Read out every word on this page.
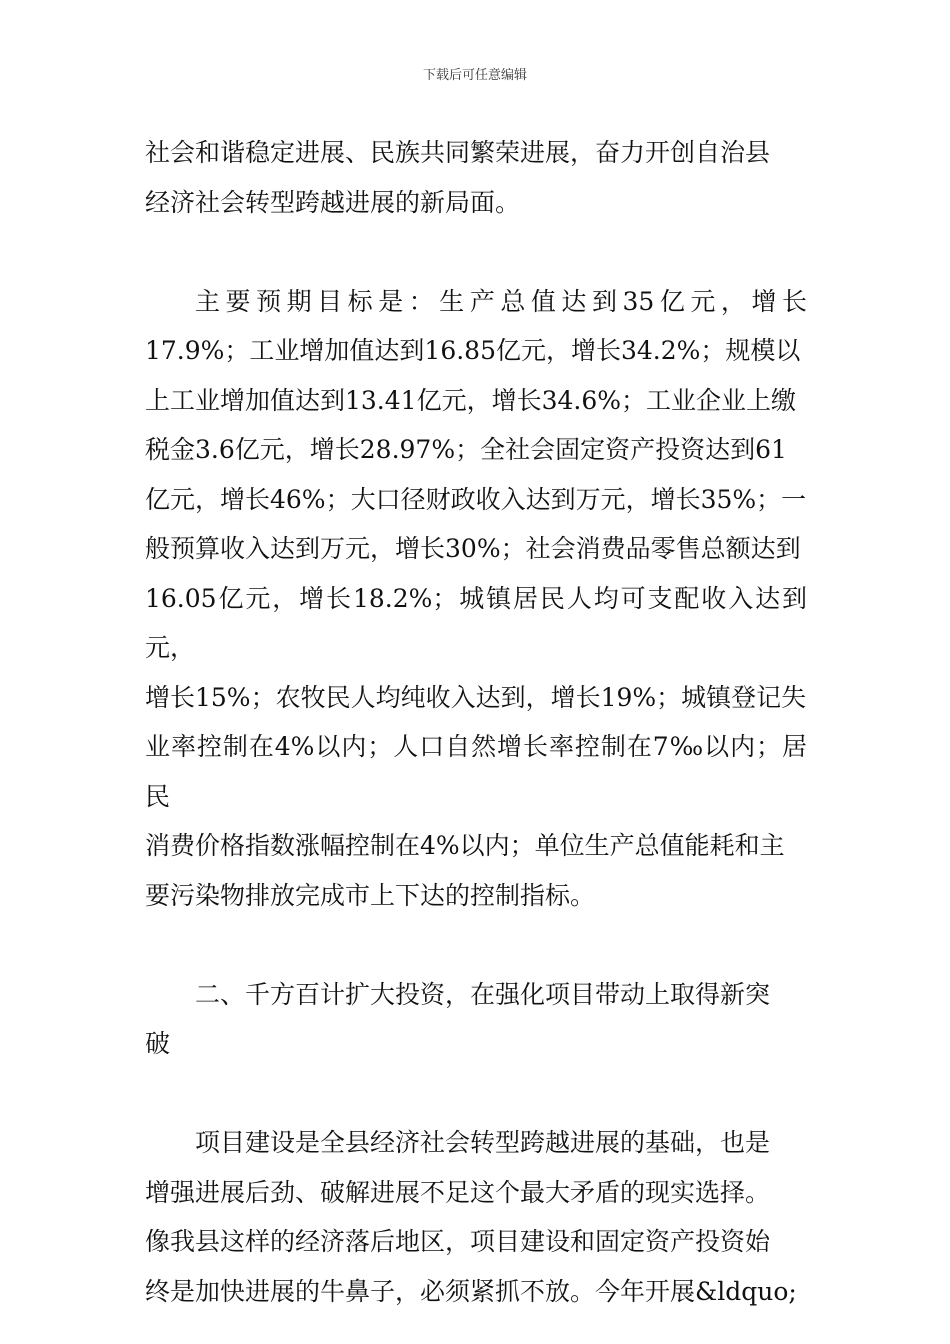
下载后可任意编辑
社会和谐稳定进展、民族共同繁荣进展，奋力开创自治县
经济社会转型跨越进展的新局面。
主要预期目标是：生产总值达到35亿元，增长
17.9%；工业增加值达到16.85亿元，增长34.2%；规模以
上工业增加值达到13.41亿元，增长34.6%；工业企业上缴
税金3.6亿元，增长28.97%；全社会固定资产投资达到61
亿元，增长46%；大口径财政收入达到万元，增长35%；一
般预算收入达到万元，增长30%；社会消费品零售总额达到
16.05亿元，增长18.2%；城镇居民人均可支配收入达到元，
增长15%；农牧民人均纯收入达到，增长19%；城镇登记失
业率控制在4%以内；人口自然增长率控制在7‰以内；居民
消费价格指数涨幅控制在4%以内；单位生产总值能耗和主
要污染物排放完成市上下达的控制指标。
二、千方百计扩大投资，在强化项目带动上取得新突
破
项目建设是全县经济社会转型跨越进展的基础，也是
增强进展后劲、破解进展不足这个最大矛盾的现实选择。
像我县这样的经济落后地区，项目建设和固定资产投资始
终是加快进展的牛鼻子，必须紧抓不放。今年开展&ldquo;
